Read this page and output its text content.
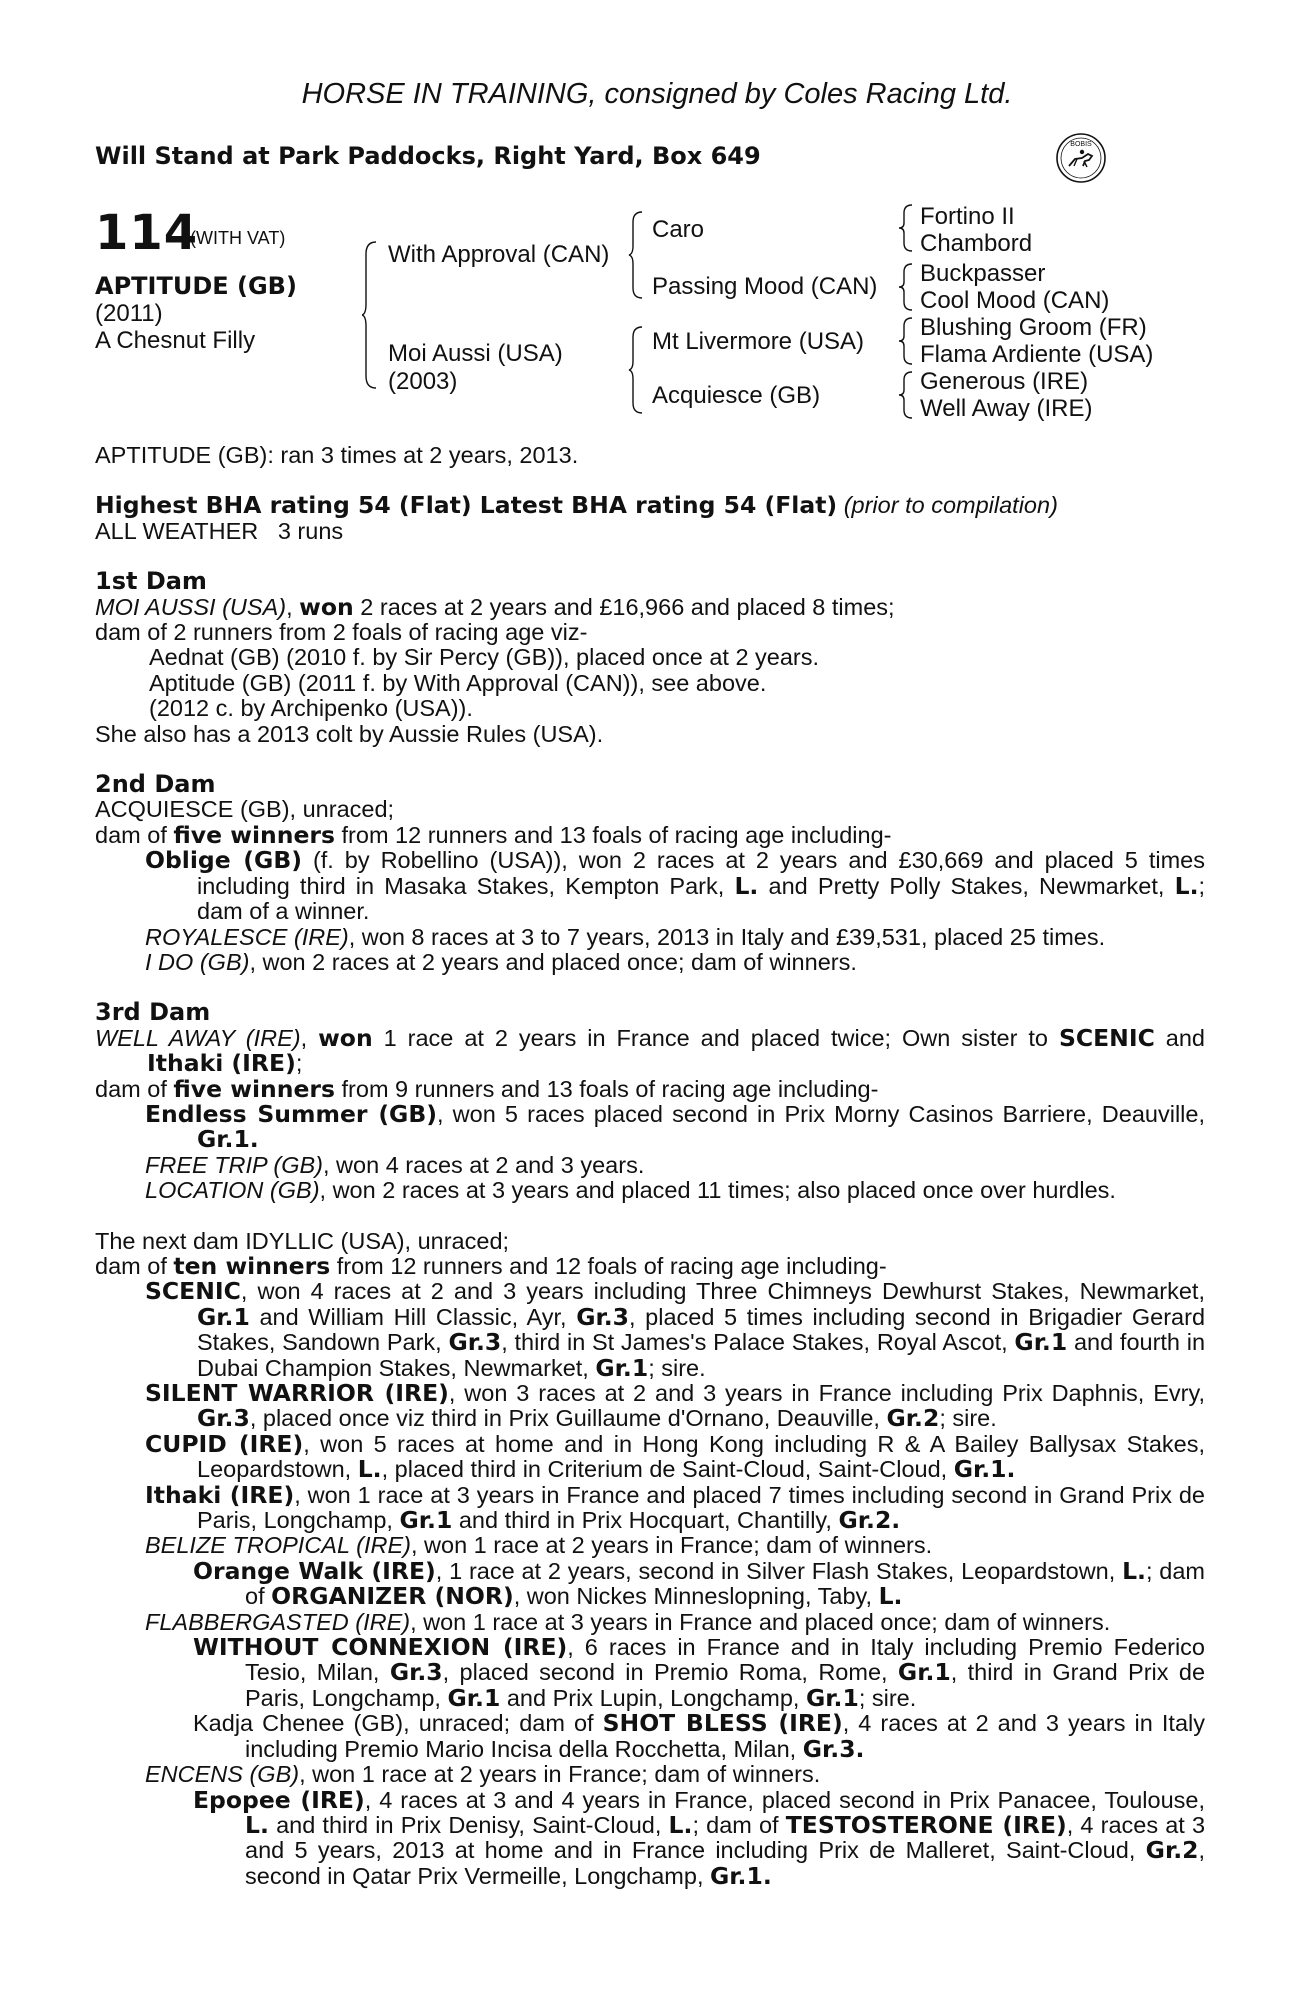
HORSE IN TRAINING, consigned by Coles Racing Ltd.
Will Stand at Park Paddocks, Right Yard, Box 649	BOBIS
114
(WITH VAT)
APTITUDE (GB)
(2011)
A Chesnut Filly
With Approval (CAN)
Moi Aussi (USA)
(2003)
Caro
Passing Mood (CAN)
Mt Livermore (USA)
Acquiesce (GB)
Fortino II
Chambord
Buckpasser
Cool Mood (CAN)
Blushing Groom (FR)
Flama Ardiente (USA)
Generous (IRE)
Well Away (IRE)

APTITUDE (GB): ran 3 times at 2 years, 2013.

Highest BHA rating 54 (Flat) Latest BHA rating 54 (Flat) (prior to compilation)

ALL WEATHER 3 runs

1st Dam

MOI AUSSI (USA), won 2 races at 2 years and £16,966 and placed 8 times;

dam of 2 runners from 2 foals of racing age viz-

Aednat (GB) (2010 f. by Sir Percy (GB)), placed once at 2 years.

Aptitude (GB) (2011 f. by With Approval (CAN)), see above.

(2012 c. by Archipenko (USA)).

She also has a 2013 colt by Aussie Rules (USA).

2nd Dam

ACQUIESCE (GB), unraced;

dam of five winners from 12 runners and 13 foals of racing age including-

Oblige (GB) (f. by Robellino (USA)), won 2 races at 2 years and £30,669 and placed 5 times including third in Masaka Stakes, Kempton Park, L. and Pretty Polly Stakes, Newmarket, L.; dam of a winner.

ROYALESCE (IRE), won 8 races at 3 to 7 years, 2013 in Italy and £39,531, placed 25 times.

I DO (GB), won 2 races at 2 years and placed once; dam of winners.

3rd Dam

WELL AWAY (IRE), won 1 race at 2 years in France and placed twice; Own sister to SCENIC and Ithaki (IRE);

dam of five winners from 9 runners and 13 foals of racing age including-

Endless Summer (GB), won 5 races placed second in Prix Morny Casinos Barriere, Deauville, Gr.1.

FREE TRIP (GB), won 4 races at 2 and 3 years.

LOCATION (GB), won 2 races at 3 years and placed 11 times; also placed once over hurdles.

The next dam IDYLLIC (USA), unraced;

dam of ten winners from 12 runners and 12 foals of racing age including-

SCENIC, won 4 races at 2 and 3 years including Three Chimneys Dewhurst Stakes, Newmarket, Gr.1 and William Hill Classic, Ayr, Gr.3, placed 5 times including second in Brigadier Gerard Stakes, Sandown Park, Gr.3, third in St James's Palace Stakes, Royal Ascot, Gr.1 and fourth in Dubai Champion Stakes, Newmarket, Gr.1; sire.

SILENT WARRIOR (IRE), won 3 races at 2 and 3 years in France including Prix Daphnis, Evry, Gr.3, placed once viz third in Prix Guillaume d'Ornano, Deauville, Gr.2; sire.

CUPID (IRE), won 5 races at home and in Hong Kong including R & A Bailey Ballysax Stakes, Leopardstown, L., placed third in Criterium de Saint-Cloud, Saint-Cloud, Gr.1.

Ithaki (IRE), won 1 race at 3 years in France and placed 7 times including second in Grand Prix de Paris, Longchamp, Gr.1 and third in Prix Hocquart, Chantilly, Gr.2.

BELIZE TROPICAL (IRE), won 1 race at 2 years in France; dam of winners.

Orange Walk (IRE), 1 race at 2 years, second in Silver Flash Stakes, Leopardstown, L.; dam of ORGANIZER (NOR), won Nickes Minneslopning, Taby, L.

FLABBERGASTED (IRE), won 1 race at 3 years in France and placed once; dam of winners.

WITHOUT CONNEXION (IRE), 6 races in France and in Italy including Premio Federico Tesio, Milan, Gr.3, placed second in Premio Roma, Rome, Gr.1, third in Grand Prix de Paris, Longchamp, Gr.1 and Prix Lupin, Longchamp, Gr.1; sire.

Kadja Chenee (GB), unraced; dam of SHOT BLESS (IRE), 4 races at 2 and 3 years in Italy including Premio Mario Incisa della Rocchetta, Milan, Gr.3.

ENCENS (GB), won 1 race at 2 years in France; dam of winners.

Epopee (IRE), 4 races at 3 and 4 years in France, placed second in Prix Panacee, Toulouse, L. and third in Prix Denisy, Saint-Cloud, L.; dam of TESTOSTERONE (IRE), 4 races at 3 and 5 years, 2013 at home and in France including Prix de Malleret, Saint-Cloud, Gr.2, second in Qatar Prix Vermeille, Longchamp, Gr.1.
